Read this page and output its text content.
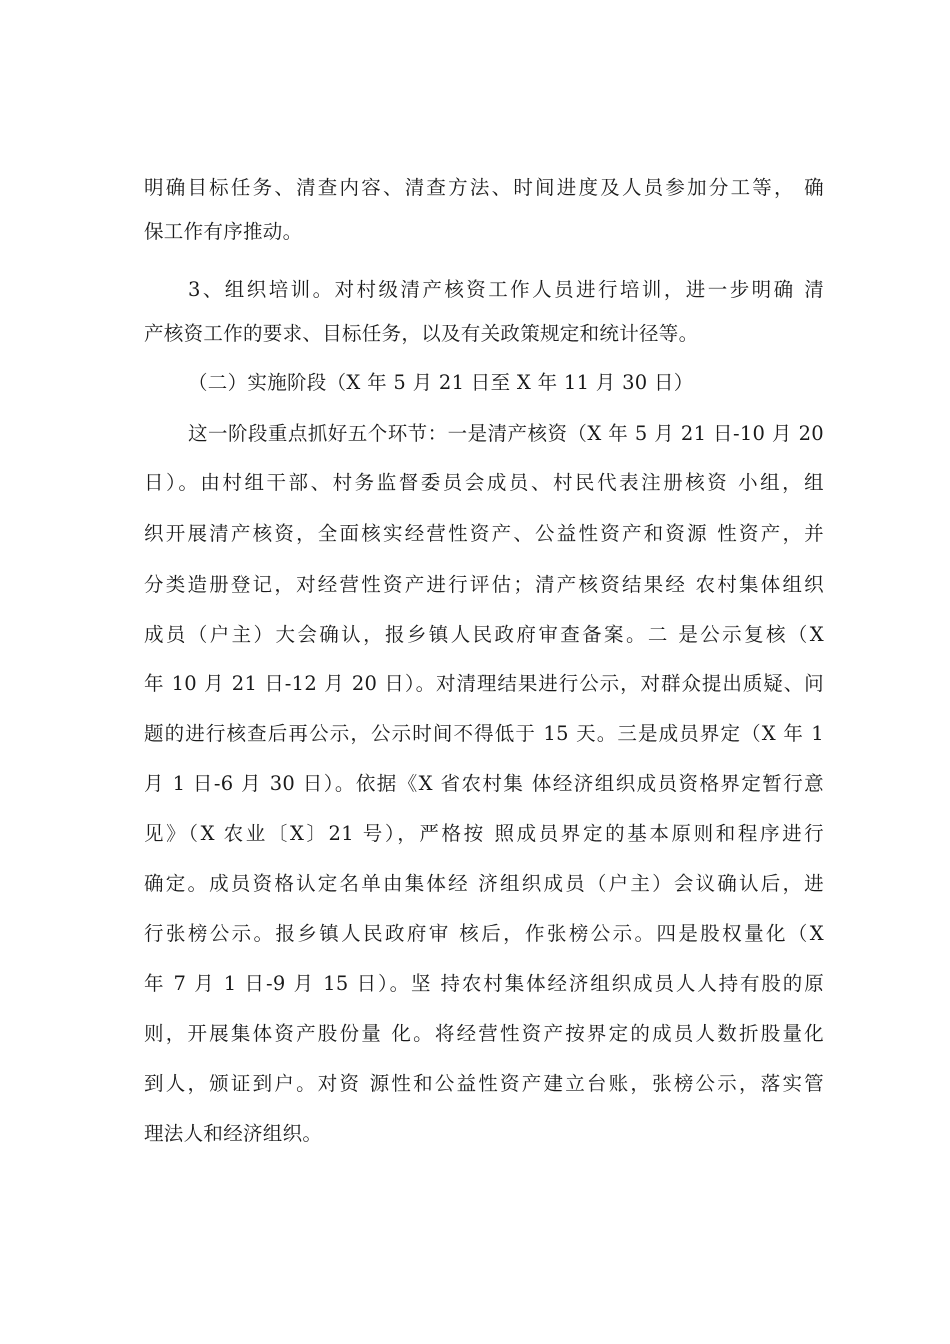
明确目标任务、清查内容、清查方法、时间进度及人员参加分工等， 确
保工作有序推动。
3、组织培训。对村级清产核资工作人员进行培训，进一步明确 清
产核资工作的要求、目标任务，以及有关政策规定和统计径等。
（二）实施阶段（X 年 5 月 21 日至 X 年 11 月 30 日）
这一阶段重点抓好五个环节：一是清产核资（X 年 5 月 21 日-10 月 20
日）。由村组干部、村务监督委员会成员、村民代表注册核资 小组，组
织开展清产核资，全面核实经营性资产、公益性资产和资源 性资产，并
分类造册登记，对经营性资产进行评估；清产核资结果经 农村集体组织
成员（户主）大会确认，报乡镇人民政府审查备案。二 是公示复核（X
年 10 月 21 日-12 月 20 日）。对清理结果进行公示，对群众提出质疑、问
题的进行核查后再公示，公示时间不得低于 15 天。三是成员界定（X 年 1
月 1 日-6 月 30 日）。依据《X 省农村集 体经济组织成员资格界定暂行意
见》（X 农业〔X〕21 号），严格按 照成员界定的基本原则和程序进行
确定。成员资格认定名单由集体经 济组织成员（户主）会议确认后，进
行张榜公示。报乡镇人民政府审 核后，作张榜公示。四是股权量化（X
年 7 月 1 日-9 月 15 日）。坚 持农村集体经济组织成员人人持有股的原
则，开展集体资产股份量 化。将经营性资产按界定的成员人数折股量化
到人，颁证到户。对资 源性和公益性资产建立台账，张榜公示，落实管
理法人和经济组织。
